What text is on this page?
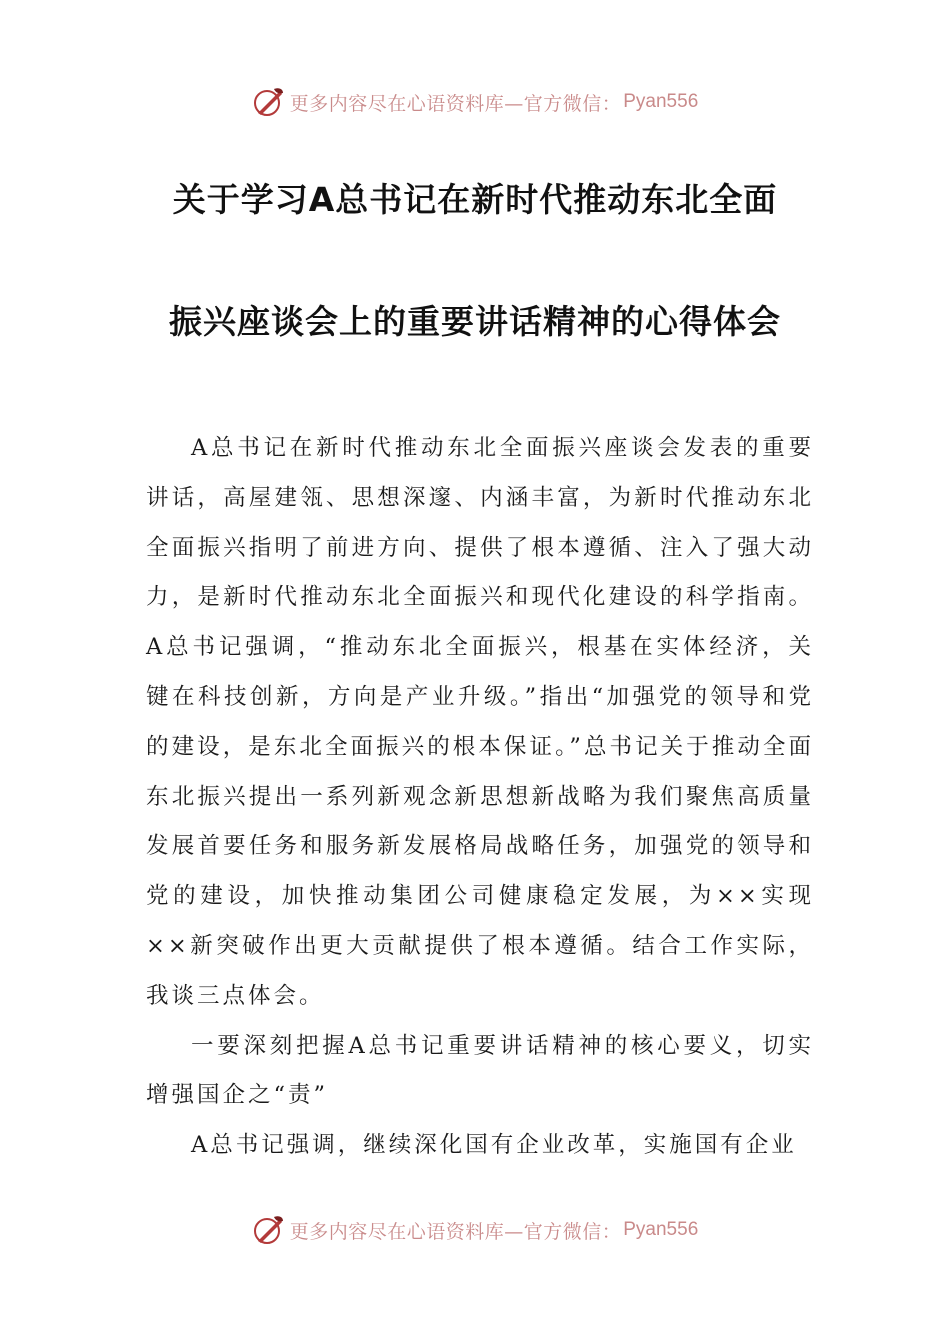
更多内容尽在心语资料库—官方微信： Pyan556
关于学习A总书记在新时代推动东北全面
振兴座谈会上的重要讲话精神的心得体会

A总书记在新时代推动东北全面振兴座谈会发表的重要讲话，高屋建瓴、思想深邃、内涵丰富，为新时代推动东北全面振兴指明了前进方向、提供了根本遵循、注入了强大动力，是新时代推动东北全面振兴和现代化建设的科学指南。A总书记强调，“推动东北全面振兴，根基在实体经济，关键在科技创新，方向是产业升级。”指出“加强党的领导和党的建设，是东北全面振兴的根本保证。”总书记关于推动全面东北振兴提出一系列新观念新思想新战略为我们聚焦高质量发展首要任务和服务新发展格局战略任务，加强党的领导和党的建设，加快推动集团公司健康稳定发展，为××实现××新突破作出更大贡献提供了根本遵循。结合工作实际，我谈三点体会。

一要深刻把握A总书记重要讲话精神的核心要义，切实增强国企之“责”

A总书记强调，继续深化国有企业改革，实施国有企业

更多内容尽在心语资料库—官方微信： Pyan556
